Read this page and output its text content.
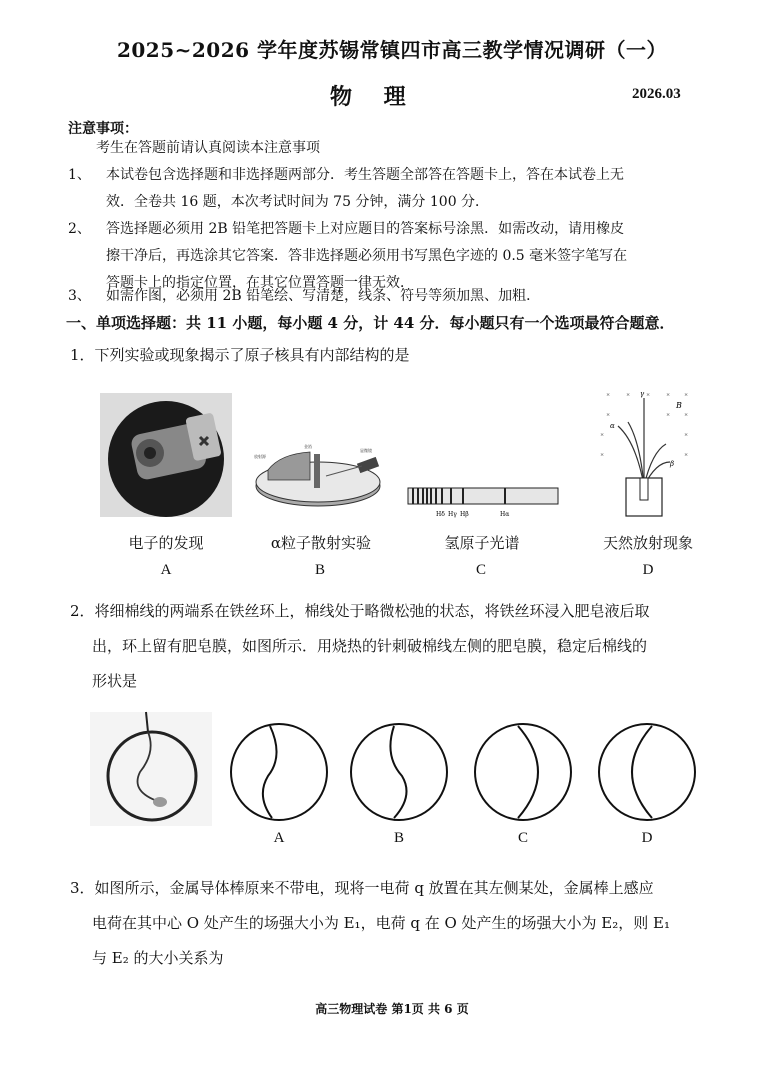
2025~2026 学年度苏锡常镇四市高三教学情况调研（一）
物 理	2026.03
注意事项：
考生在答题前请认真阅读本注意事项
1、	本试卷包含选择题和非选择题两部分．考生答题全部答在答题卡上，答在本试卷上无
效．全卷共 16 题，本次考试时间为 75 分钟，满分 100 分．
2、	答选择题必须用 2B 铅笔把答题卡上对应题目的答案标号涂黑．如需改动，请用橡皮
擦干净后，再选涂其它答案．答非选择题必须用书写黑色字迹的 0.5 毫米签字笔写在
答题卡上的指定位置，在其它位置答题一律无效．
3、	如需作图，必须用 2B 铅笔绘、写清楚，线条、符号等须加黑、加粗．
一、单项选择题：共 11 小题，每小题 4 分，计 44 分．每小题只有一个选项最符合题意．
1．下列实验或现象揭示了原子核具有内部结构的是
放射源
金箔
显微镜
Hδ Hγ Hβ	Hα
×	×	×	×	×
×	×	×
×	×
×	×
B
α
γ
β
电子的发现	α粒子散射实验	氢原子光谱	天然放射现象
A	B	C	D
2．将细棉线的两端系在铁丝环上，棉线处于略微松弛的状态，将铁丝环浸入肥皂液后取
出，环上留有肥皂膜，如图所示．用烧热的针刺破棉线左侧的肥皂膜，稳定后棉线的
形状是
A	B	C	D
3．如图所示，金属导体棒原来不带电，现将一电荷 q 放置在其左侧某处，金属棒上感应
电荷在其中心 O 处产生的场强大小为 E₁，电荷 q 在 O 处产生的场强大小为 E₂，则 E₁
与 E₂ 的大小关系为
高三物理试卷 第1页 共 6 页
